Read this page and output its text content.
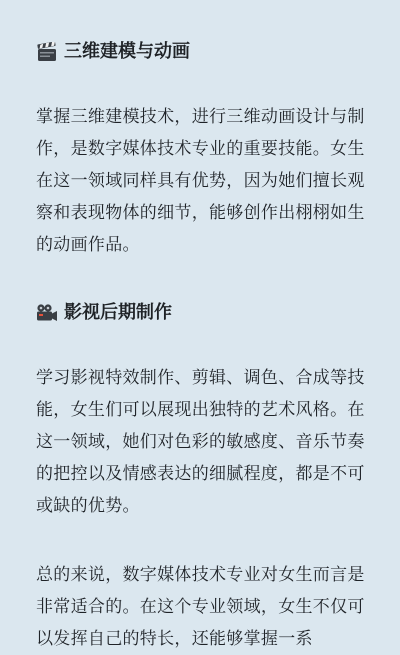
三维建模与动画

掌握三维建模技术，进行三维动画设计与制作，是数字媒体技术专业的重要技能。女生在这一领域同样具有优势，因为她们擅长观察和表现物体的细节，能够创作出栩栩如生的动画作品。

影视后期制作

学习影视特效制作、剪辑、调色、合成等技能，女生们可以展现出独特的艺术风格。在这一领域，她们对色彩的敏感度、音乐节奏的把控以及情感表达的细腻程度，都是不可或缺的优势。

总的来说，数字媒体技术专业对女生而言是非常适合的。在这个专业领域，女生不仅可以发挥自己的特长，还能够掌握一系
